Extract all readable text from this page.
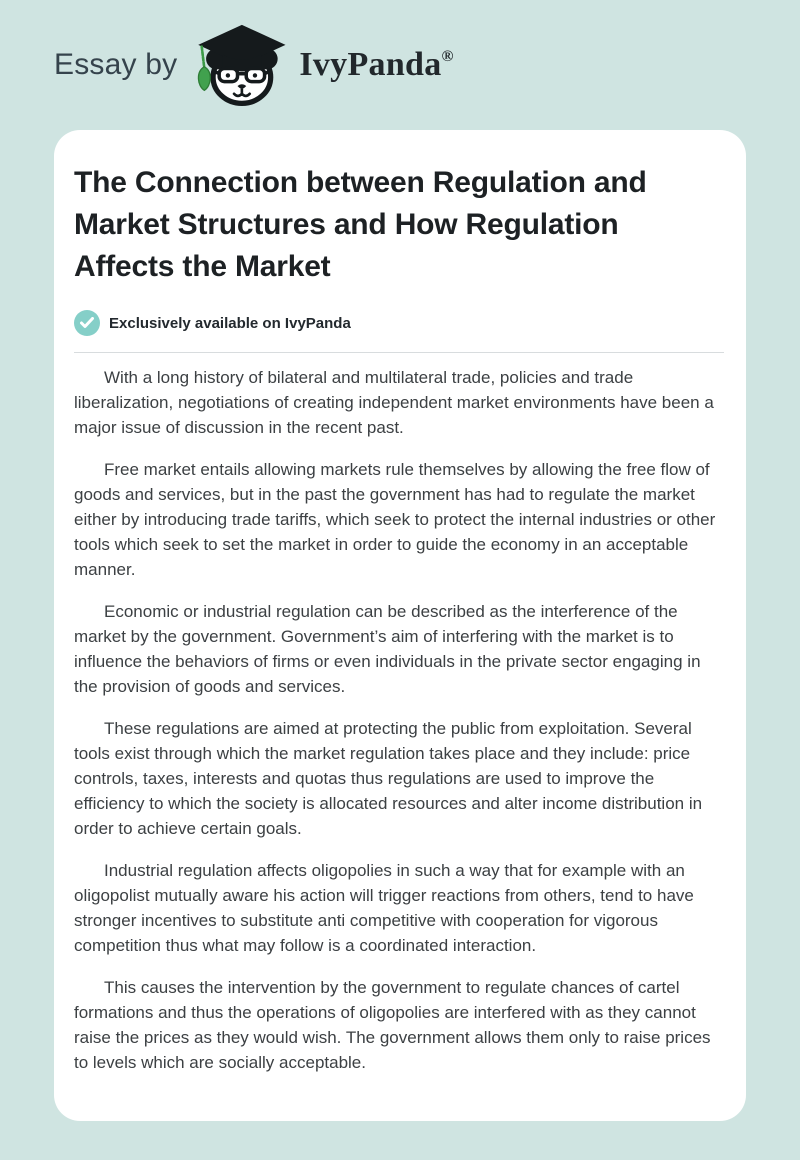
Essay by	IvyPanda®
The Connection between Regulation and Market Structures and How Regulation Affects the Market
Exclusively available on IvyPanda

With a long history of bilateral and multilateral trade, policies and trade liberalization, negotiations of creating independent market environments have been a major issue of discussion in the recent past.

Free market entails allowing markets rule themselves by allowing the free flow of goods and services, but in the past the government has had to regulate the market either by introducing trade tariffs, which seek to protect the internal industries or other tools which seek to set the market in order to guide the economy in an acceptable manner.

Economic or industrial regulation can be described as the interference of the market by the government. Government’s aim of interfering with the market is to influence the behaviors of firms or even individuals in the private sector engaging in the provision of goods and services.

These regulations are aimed at protecting the public from exploitation. Several tools exist through which the market regulation takes place and they include: price controls, taxes, interests and quotas thus regulations are used to improve the efficiency to which the society is allocated resources and alter income distribution in order to achieve certain goals.

Industrial regulation affects oligopolies in such a way that for example with an oligopolist mutually aware his action will trigger reactions from others, tend to have stronger incentives to substitute anti competitive with cooperation for vigorous competition thus what may follow is a coordinated interaction.

This causes the intervention by the government to regulate chances of cartel formations and thus the operations of oligopolies are interfered with as they cannot raise the prices as they would wish. The government allows them only to raise prices to levels which are socially acceptable.
